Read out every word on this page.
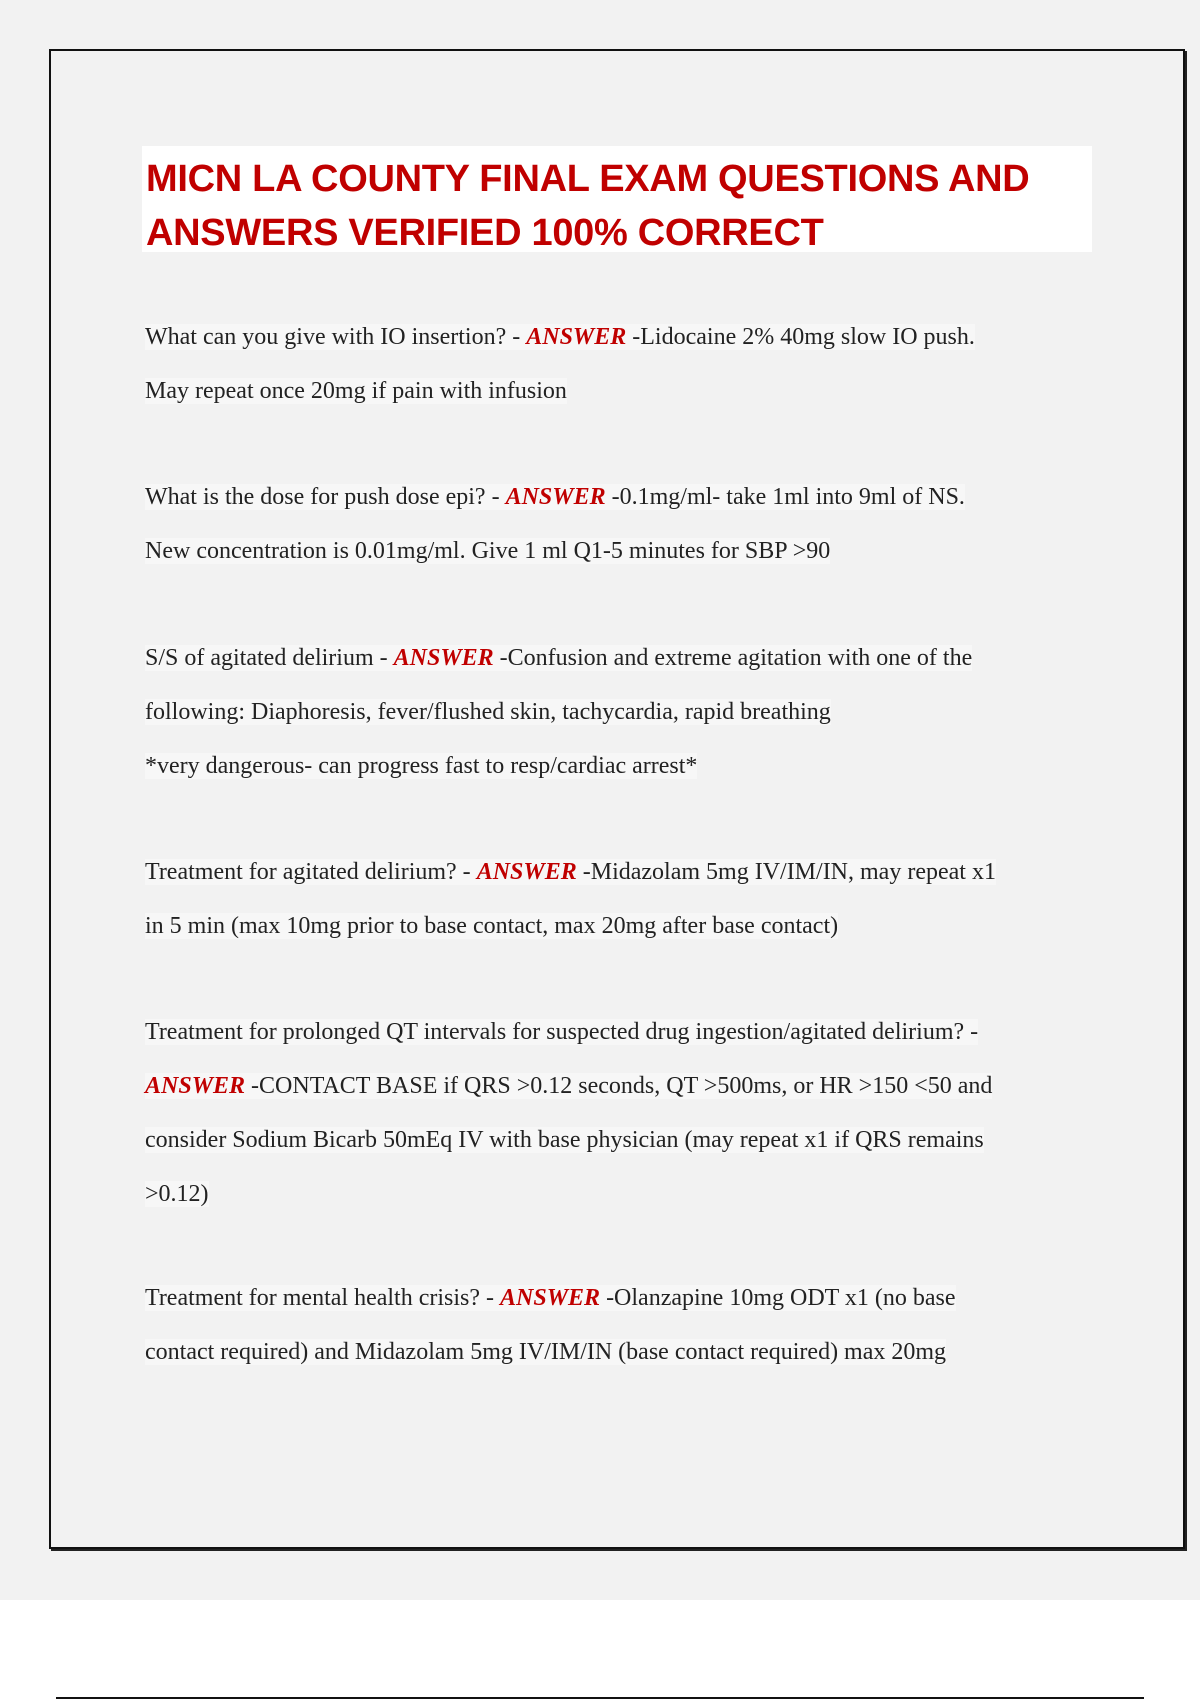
MICN LA COUNTY FINAL EXAM QUESTIONS AND
ANSWERS VERIFIED 100% CORRECT
What can you give with IO insertion? - ANSWER -Lidocaine 2% 40mg slow IO push.
May repeat once 20mg if pain with infusion
What is the dose for push dose epi? - ANSWER -0.1mg/ml- take 1ml into 9ml of NS.
New concentration is 0.01mg/ml. Give 1 ml Q1-5 minutes for SBP >90
S/S of agitated delirium - ANSWER -Confusion and extreme agitation with one of the
following: Diaphoresis, fever/flushed skin, tachycardia, rapid breathing
*very dangerous- can progress fast to resp/cardiac arrest*
Treatment for agitated delirium? - ANSWER -Midazolam 5mg IV/IM/IN, may repeat x1
in 5 min (max 10mg prior to base contact, max 20mg after base contact)
Treatment for prolonged QT intervals for suspected drug ingestion/agitated delirium? -
ANSWER -CONTACT BASE if QRS >0.12 seconds, QT >500ms, or HR >150 <50 and
consider Sodium Bicarb 50mEq IV with base physician (may repeat x1 if QRS remains
>0.12)
Treatment for mental health crisis? - ANSWER -Olanzapine 10mg ODT x1 (no base
contact required) and Midazolam 5mg IV/IM/IN (base contact required) max 20mg
